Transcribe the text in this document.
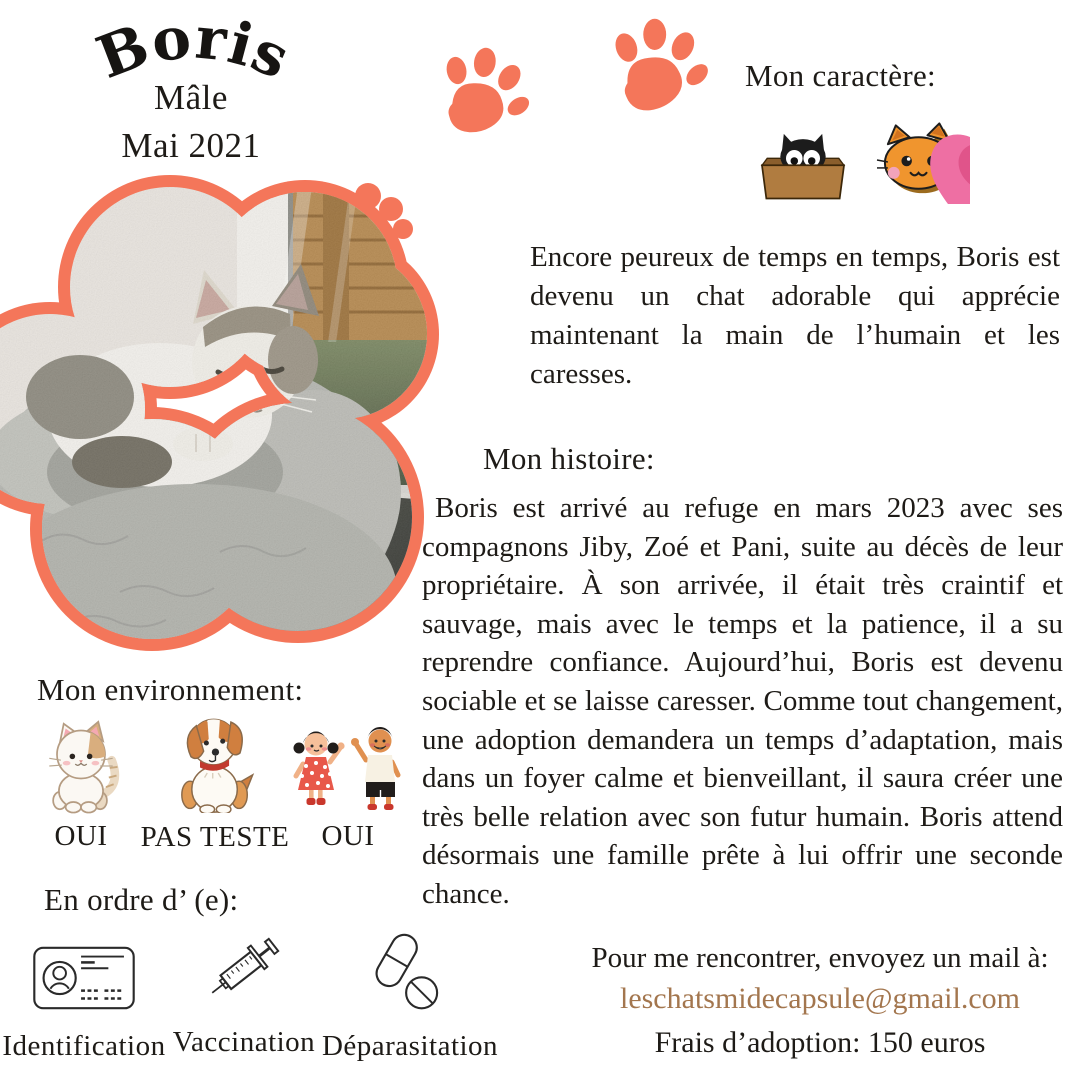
Boris
Mâle
Mai 2021
Mon caractère:

Encore peureux de temps en temps, Boris est devenu un chat adorable qui apprécie maintenant la main de l’humain et les caresses.

Mon histoire:

Boris est arrivé au refuge en mars 2023 avec ses compagnons Jiby, Zoé et Pani, suite au décès de leur propriétaire. À son arrivée, il était très craintif et sauvage, mais avec le temps et la patience, il a su reprendre confiance. Aujourd’hui, Boris est devenu sociable et se laisse caresser. Comme tout changement, une adoption demandera un temps d’adaptation, mais dans un foyer calme et bienveillant, il saura créer une très belle relation avec son futur humain. Boris attend désormais une famille prête à lui offrir une seconde chance.

Mon environnement:
OUI PAS TESTE OUI
En ordre d’ (e):
Identification Vaccination Déparasitation

Pour me rencontrer, envoyez un mail à:

leschatsmidecapsule@gmail.com

Frais d’adoption: 150 euros
